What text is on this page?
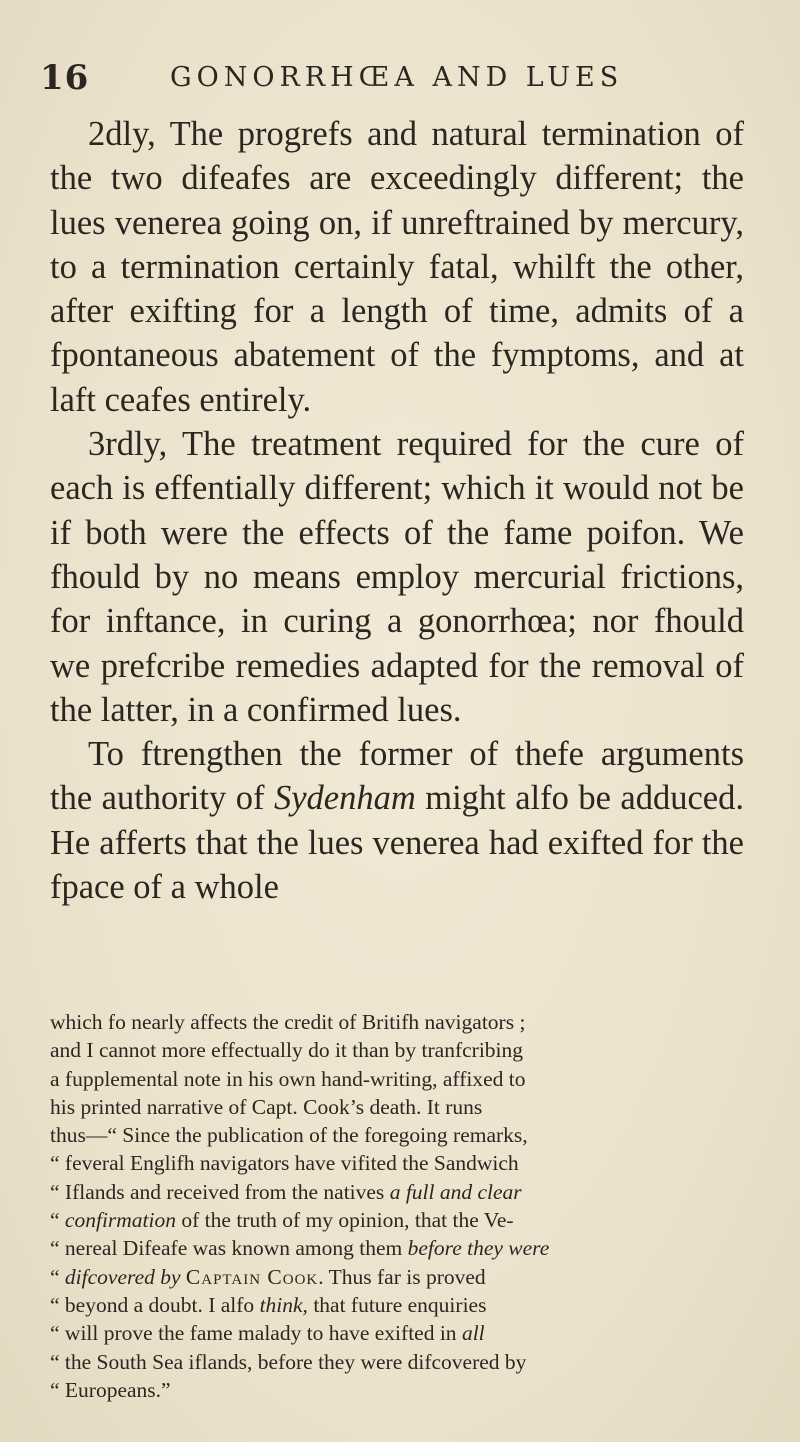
16	GONORRHŒA AND LUES

2dly, The progrefs and natural termination of the two difeafes are exceedingly different; the lues venerea going on, if unreftrained by mercury, to a termination certainly fatal, whilft the other, after exifting for a length of time, admits of a fpontaneous abatement of the fymptoms, and at laft ceafes entirely.

3rdly, The treatment required for the cure of each is effentially different; which it would not be if both were the effects of the fame poifon. We fhould by no means employ mercurial frictions, for inftance, in curing a gonorrhœa; nor fhould we prefcribe remedies adapted for the removal of the latter, in a confirmed lues.

To ftrengthen the former of thefe arguments the authority of Sydenham might alfo be adduced. He afferts that the lues venerea had exifted for the fpace of a whole

which fo nearly affects the credit of Britifh navigators ;
and I cannot more effectually do it than by tranfcribing
a fupplemental note in his own hand-writing, affixed to
his printed narrative of Capt. Cook’s death. It runs
thus—“ Since the publication of the foregoing remarks,
“ feveral Englifh navigators have vifited the Sandwich
“ Iflands and received from the natives a full and clear
“ confirmation of the truth of my opinion, that the Ve-
“ nereal Difeafe was known among them before they were
“ difcovered by Captain Cook. Thus far is proved
“ beyond a doubt. I alfo think, that future enquiries
“ will prove the fame malady to have exifted in all
“ the South Sea iflands, before they were difcovered by
“ Europeans.”
